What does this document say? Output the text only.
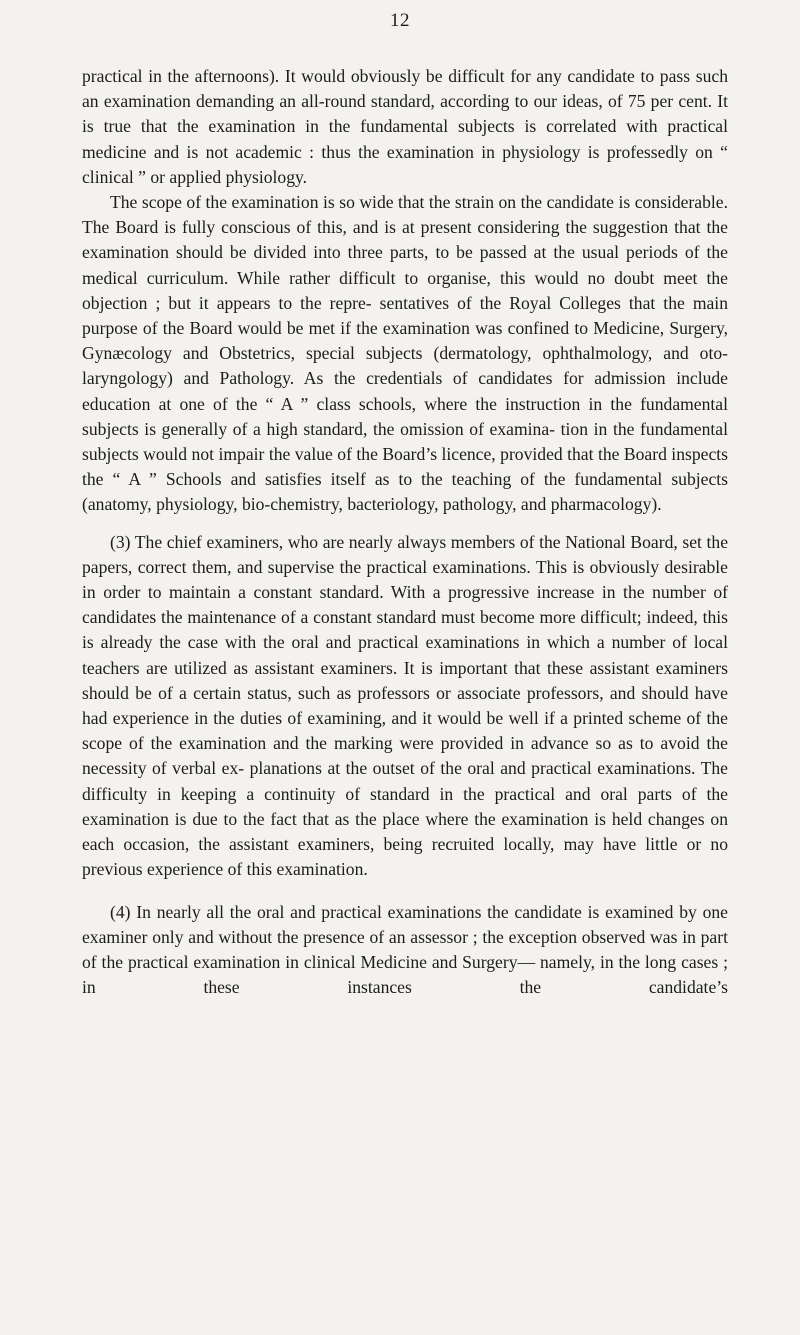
12

practical in the afternoons). It would obviously be difficult for any candidate to pass such an examination demanding an all-round standard, according to our ideas, of 75 per cent. It is true that the examination in the fundamental subjects is correlated with practical medicine and is not academic : thus the examination in physiology is professedly on “ clinical ” or applied physiology.

The scope of the examination is so wide that the strain on the candidate is considerable. The Board is fully conscious of this, and is at present considering the suggestion that the examination should be divided into three parts, to be passed at the usual periods of the medical curriculum. While rather difficult to organise, this would no doubt meet the objection ; but it appears to the repre- sentatives of the Royal Colleges that the main purpose of the Board would be met if the examination was confined to Medicine, Surgery, Gynæcology and Obstetrics, special subjects (dermatology, ophthalmology, and oto-laryngology) and Pathology. As the credentials of candidates for admission include education at one of the “ A ” class schools, where the instruction in the fundamental subjects is generally of a high standard, the omission of examina- tion in the fundamental subjects would not impair the value of the Board’s licence, provided that the Board inspects the “ A ” Schools and satisfies itself as to the teaching of the fundamental subjects (anatomy, physiology, bio-chemistry, bacteriology, pathology, and pharmacology).

(3) The chief examiners, who are nearly always members of the National Board, set the papers, correct them, and supervise the practical examinations. This is obviously desirable in order to maintain a constant standard. With a progressive increase in the number of candidates the maintenance of a constant standard must become more difficult; indeed, this is already the case with the oral and practical examinations in which a number of local teachers are utilized as assistant examiners. It is important that these assistant examiners should be of a certain status, such as professors or associate professors, and should have had experience in the duties of examining, and it would be well if a printed scheme of the scope of the examination and the marking were provided in advance so as to avoid the necessity of verbal ex- planations at the outset of the oral and practical examinations. The difficulty in keeping a continuity of standard in the practical and oral parts of the examination is due to the fact that as the place where the examination is held changes on each occasion, the assistant examiners, being recruited locally, may have little or no previous experience of this examination.

(4) In nearly all the oral and practical examinations the candidate is examined by one examiner only and without the presence of an assessor ; the exception observed was in part of the practical examination in clinical Medicine and Surgery— namely, in the long cases ; in these instances the candidate’s
